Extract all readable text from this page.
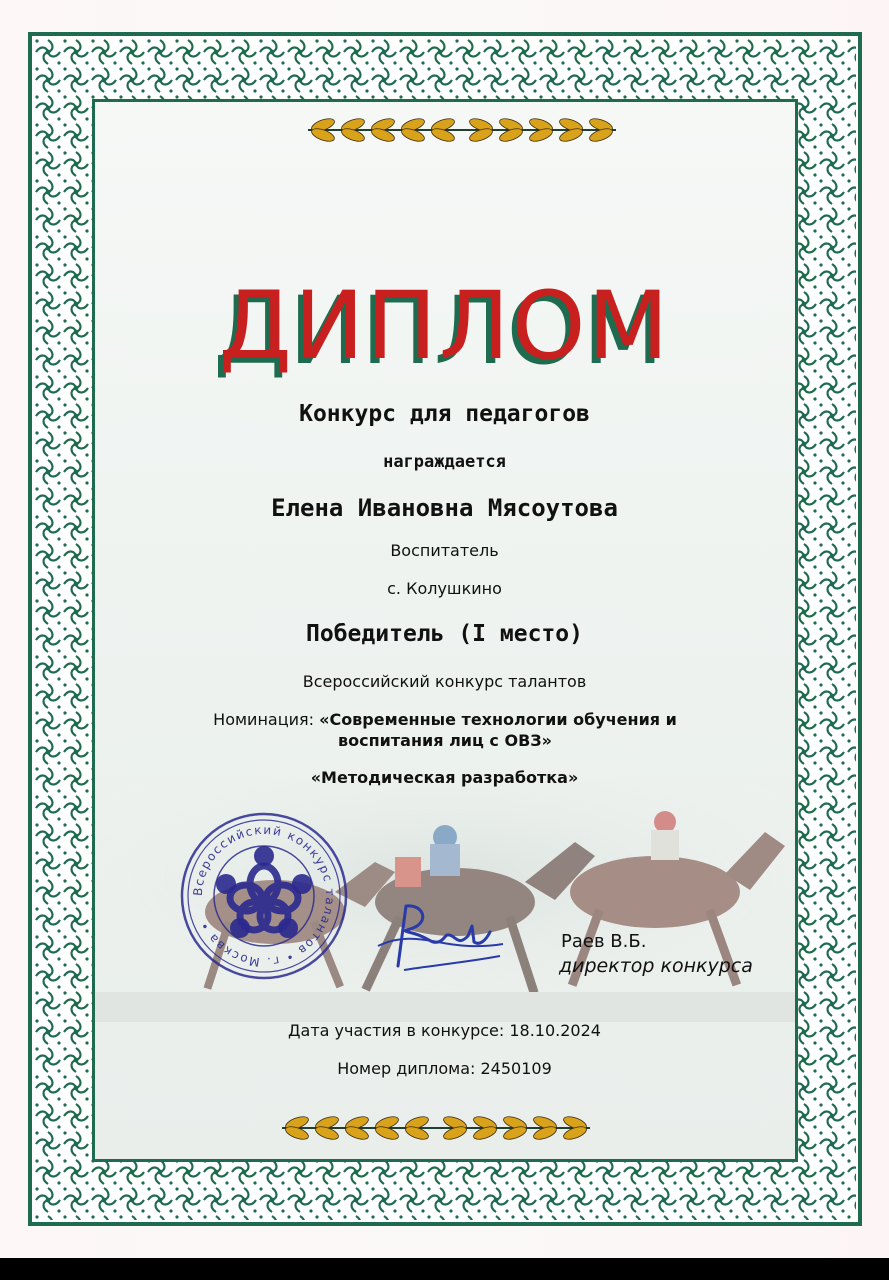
ДИПЛОМ
Конкурс для педагогов
награждается
Елена Ивановна Мясоутова
Воспитатель
с. Колушкино
Победитель (I место)
Всероссийский конкурс талантов
Номинация: «Современные технологии обучения и воспитания лиц с ОВЗ»
«Методическая разработка»
Всероссийский конкурс талантов • г. Москва •
Раев В.Б.
директор конкурса
Дата участия в конкурсе: 18.10.2024
Номер диплома: 2450109
